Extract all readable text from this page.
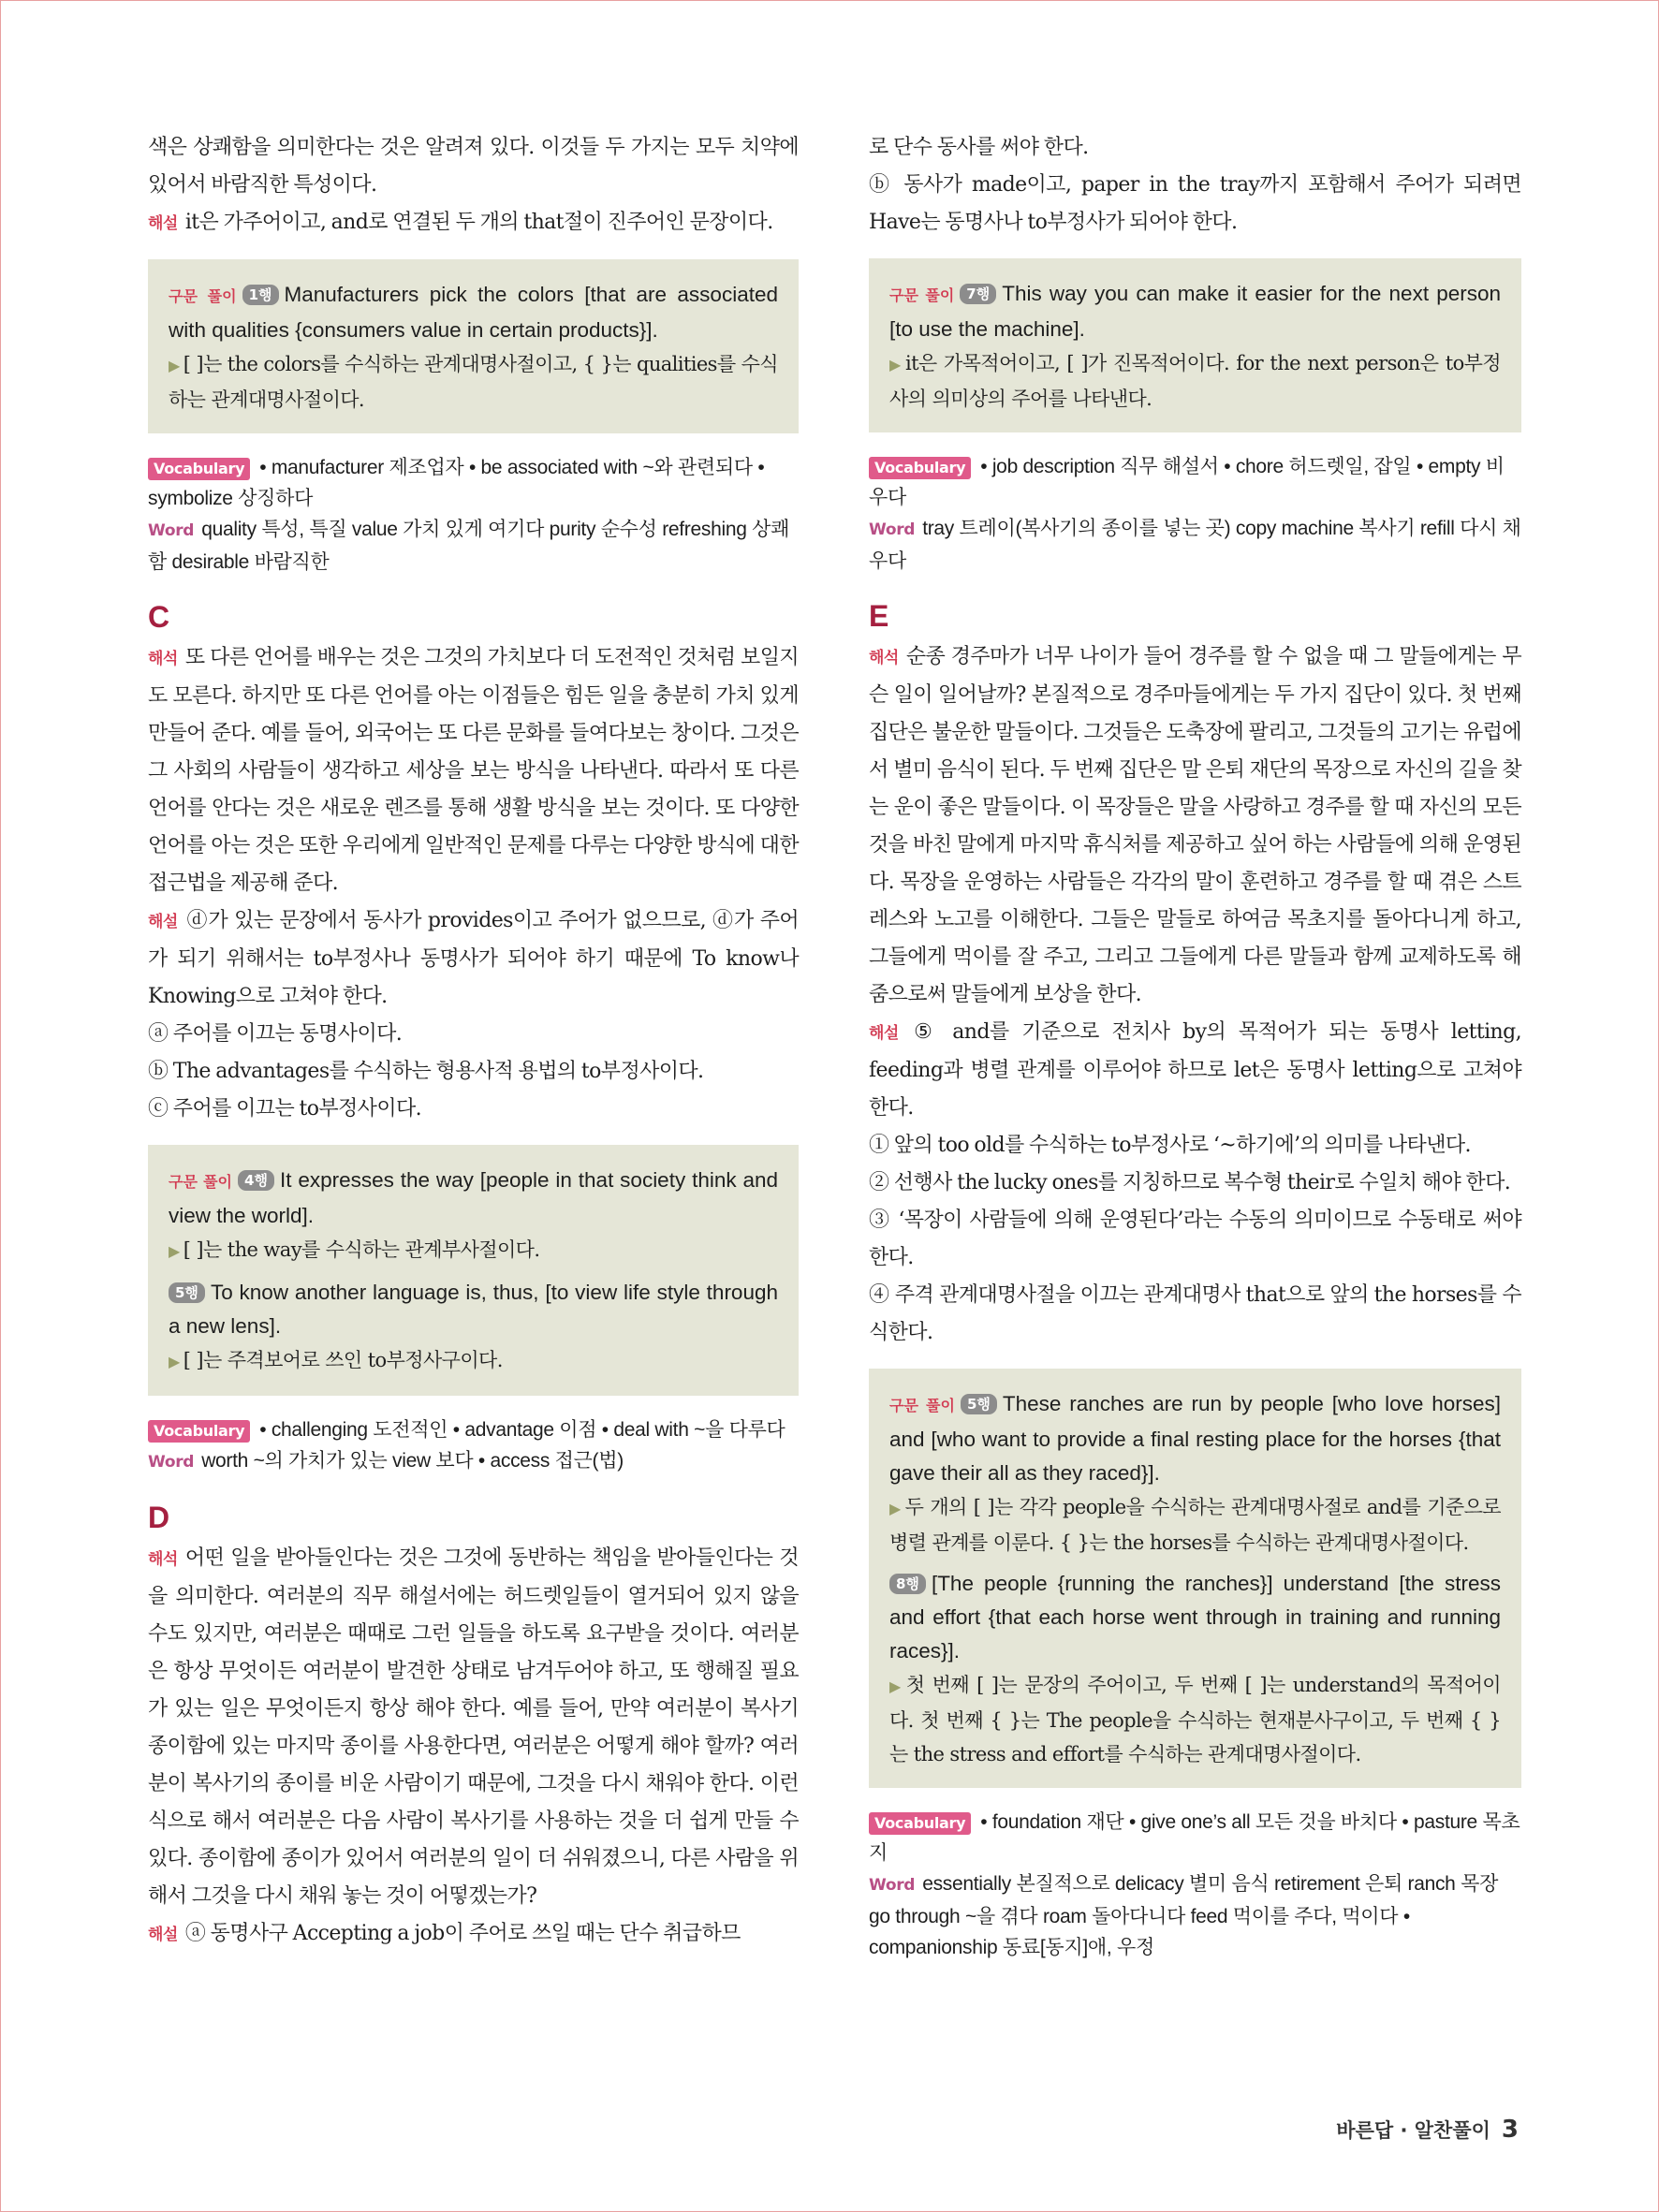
색은 상쾌함을 의미한다는 것은 알려져 있다. 이것들 두 가지는 모두 치약에 있어서 바람직한 특성이다.

해설 it은 가주어이고, and로 연결된 두 개의 that절이 진주어인 문장이다.

구문 풀이 1행 Manufacturers pick the colors [that are associated with qualities {consumers value in certain products}].

▶ [ ]는 the colors를 수식하는 관계대명사절이고, { }는 qualities를 수식하는 관계대명사절이다.

Vocabulary • manufacturer 제조업자 • be associated with ~와 관련되다 • symbolize 상징하다

Word quality 특성, 특질 value 가치 있게 여기다 purity 순수성 refreshing 상쾌함 desirable 바람직한

C

해석 또 다른 언어를 배우는 것은 그것의 가치보다 더 도전적인 것처럼 보일지도 모른다. 하지만 또 다른 언어를 아는 이점들은 힘든 일을 충분히 가치 있게 만들어 준다. 예를 들어, 외국어는 또 다른 문화를 들여다보는 창이다. 그것은 그 사회의 사람들이 생각하고 세상을 보는 방식을 나타낸다. 따라서 또 다른 언어를 안다는 것은 새로운 렌즈를 통해 생활 방식을 보는 것이다. 또 다양한 언어를 아는 것은 또한 우리에게 일반적인 문제를 다루는 다양한 방식에 대한 접근법을 제공해 준다.

해설 ⓓ가 있는 문장에서 동사가 provides이고 주어가 없으므로, ⓓ가 주어가 되기 위해서는 to부정사나 동명사가 되어야 하기 때문에 To know나 Knowing으로 고쳐야 한다.

ⓐ 주어를 이끄는 동명사이다.

ⓑ The advantages를 수식하는 형용사적 용법의 to부정사이다.

ⓒ 주어를 이끄는 to부정사이다.

구문 풀이 4행 It expresses the way [people in that society think and view the world].

▶ [ ]는 the way를 수식하는 관계부사절이다.

5행 To know another language is, thus, [to view life style through a new lens].

▶ [ ]는 주격보어로 쓰인 to부정사구이다.

Vocabulary • challenging 도전적인 • advantage 이점 • deal with ~을 다루다

Word worth ~의 가치가 있는 view 보다 • access 접근(법)

D

해석 어떤 일을 받아들인다는 것은 그것에 동반하는 책임을 받아들인다는 것을 의미한다. 여러분의 직무 해설서에는 허드렛일들이 열거되어 있지 않을 수도 있지만, 여러분은 때때로 그런 일들을 하도록 요구받을 것이다. 여러분은 항상 무엇이든 여러분이 발견한 상태로 남겨두어야 하고, 또 행해질 필요가 있는 일은 무엇이든지 항상 해야 한다. 예를 들어, 만약 여러분이 복사기 종이함에 있는 마지막 종이를 사용한다면, 여러분은 어떻게 해야 할까? 여러분이 복사기의 종이를 비운 사람이기 때문에, 그것을 다시 채워야 한다. 이런 식으로 해서 여러분은 다음 사람이 복사기를 사용하는 것을 더 쉽게 만들 수 있다. 종이함에 종이가 있어서 여러분의 일이 더 쉬워졌으니, 다른 사람을 위해서 그것을 다시 채워 놓는 것이 어떻겠는가?

해설 ⓐ 동명사구 Accepting a job이 주어로 쓰일 때는 단수 취급하므

로 단수 동사를 써야 한다.

ⓑ 동사가 made이고, paper in the tray까지 포함해서 주어가 되려면 Have는 동명사나 to부정사가 되어야 한다.

구문 풀이 7행 This way you can make it easier for the next person [to use the machine].

▶ it은 가목적어이고, [ ]가 진목적어이다. for the next person은 to부정사의 의미상의 주어를 나타낸다.

Vocabulary • job description 직무 해설서 • chore 허드렛일, 잡일 • empty 비우다

Word tray 트레이(복사기의 종이를 넣는 곳) copy machine 복사기 refill 다시 채우다

E

해석 순종 경주마가 너무 나이가 들어 경주를 할 수 없을 때 그 말들에게는 무슨 일이 일어날까? 본질적으로 경주마들에게는 두 가지 집단이 있다. 첫 번째 집단은 불운한 말들이다. 그것들은 도축장에 팔리고, 그것들의 고기는 유럽에서 별미 음식이 된다. 두 번째 집단은 말 은퇴 재단의 목장으로 자신의 길을 찾는 운이 좋은 말들이다. 이 목장들은 말을 사랑하고 경주를 할 때 자신의 모든 것을 바친 말에게 마지막 휴식처를 제공하고 싶어 하는 사람들에 의해 운영된다. 목장을 운영하는 사람들은 각각의 말이 훈련하고 경주를 할 때 겪은 스트레스와 노고를 이해한다. 그들은 말들로 하여금 목초지를 돌아다니게 하고, 그들에게 먹이를 잘 주고, 그리고 그들에게 다른 말들과 함께 교제하도록 해 줌으로써 말들에게 보상을 한다.

해설 ⑤ and를 기준으로 전치사 by의 목적어가 되는 동명사 letting, feeding과 병렬 관계를 이루어야 하므로 let은 동명사 letting으로 고쳐야 한다.

① 앞의 too old를 수식하는 to부정사로 ‘~하기에’의 의미를 나타낸다.

② 선행사 the lucky ones를 지칭하므로 복수형 their로 수일치 해야 한다.

③ ‘목장이 사람들에 의해 운영된다’라는 수동의 의미이므로 수동태로 써야 한다.

④ 주격 관계대명사절을 이끄는 관계대명사 that으로 앞의 the horses를 수식한다.

구문 풀이 5행 These ranches are run by people [who love horses] and [who want to provide a final resting place for the horses {that gave their all as they raced}].

▶ 두 개의 [ ]는 각각 people을 수식하는 관계대명사절로 and를 기준으로 병렬 관계를 이룬다. { }는 the horses를 수식하는 관계대명사절이다.

8행 [The people {running the ranches}] understand [the stress and effort {that each horse went through in training and running races}].

▶ 첫 번째 [ ]는 문장의 주어이고, 두 번째 [ ]는 understand의 목적어이다. 첫 번째 { }는 The people을 수식하는 현재분사구이고, 두 번째 { }는 the stress and effort를 수식하는 관계대명사절이다.

Vocabulary • foundation 재단 • give one’s all 모든 것을 바치다 • pasture 목초지

Word essentially 본질적으로 delicacy 별미 음식 retirement 은퇴 ranch 목장 go through ~을 겪다 roam 돌아다니다 feed 먹이를 주다, 먹이다 • companionship 동료[동지]애, 우정

바른답 · 알찬풀이 3
